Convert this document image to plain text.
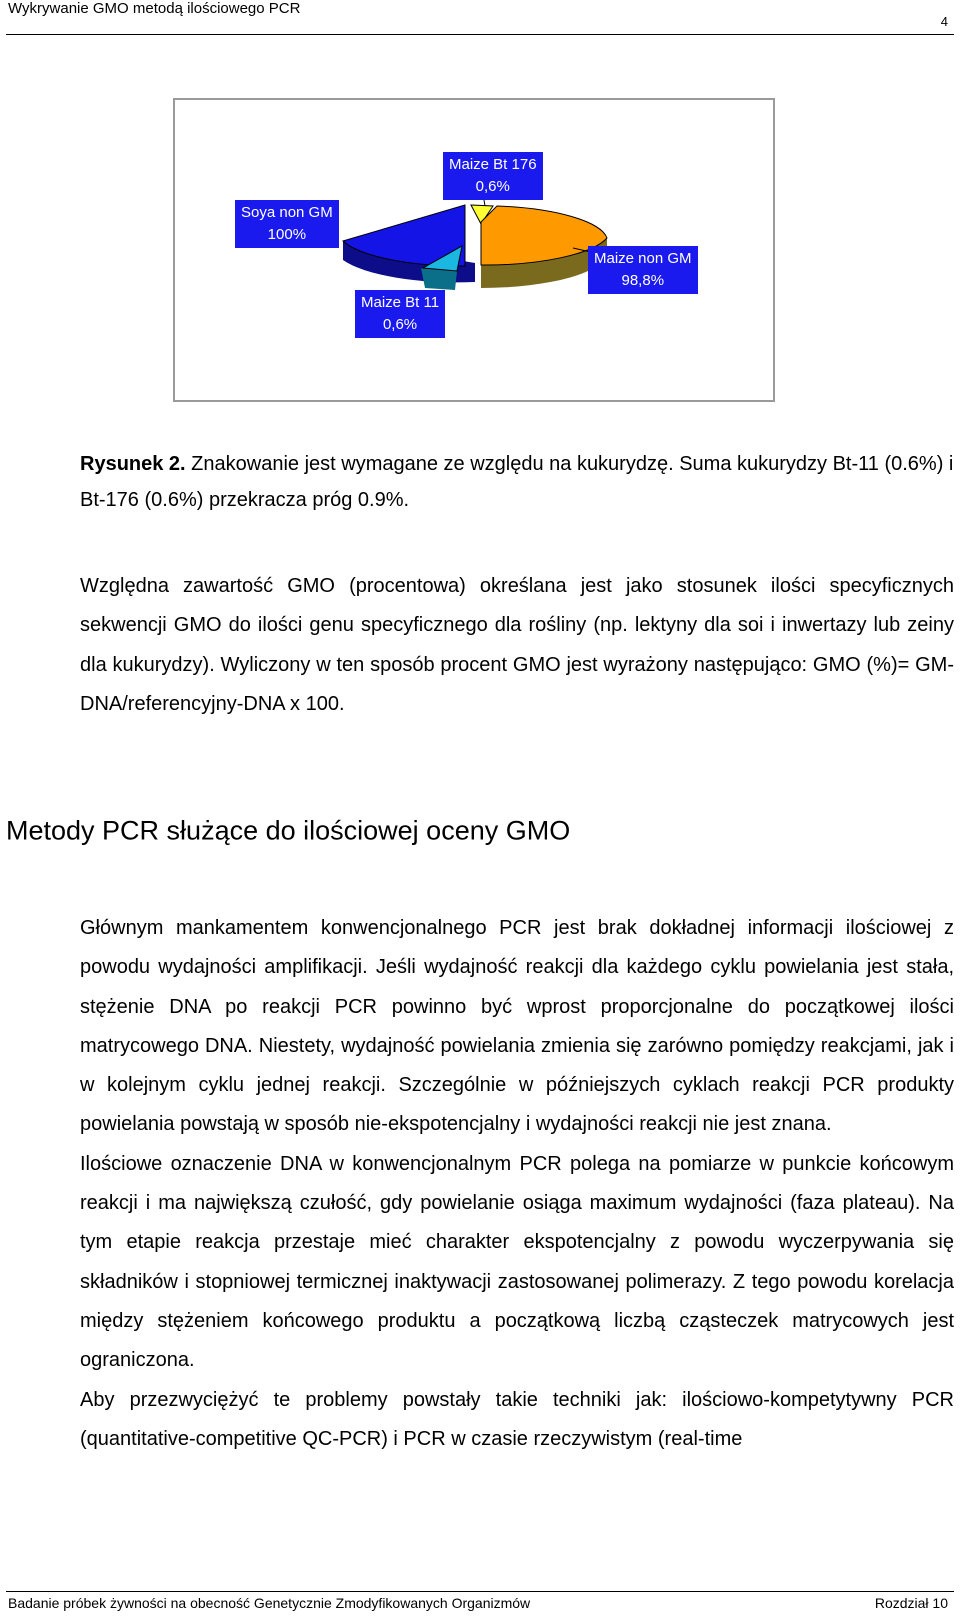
Wykrywanie GMO metodą ilościowego PCR
4
Soya non GM
100%
Maize Bt 11
0,6%
Maize Bt 176
0,6%
Maize non GM
98,8%

Rysunek 2. Znakowanie jest wymagane ze względu na kukurydzę. Suma kukurydzy Bt-11 (0.6%) i Bt-176 (0.6%) przekracza próg 0.9%.

Względna zawartość GMO (procentowa) określana jest jako stosunek ilości specyficznych sekwencji GMO do ilości genu specyficznego dla rośliny (np. lektyny dla soi i inwertazy lub zeiny dla kukurydzy). Wyliczony w ten sposób procent GMO jest wyrażony następująco: GMO (%)= GM-DNA/referencyjny-DNA x 100.

Metody PCR służące do ilościowej oceny GMO

Głównym mankamentem konwencjonalnego PCR jest brak dokładnej informacji ilościowej z powodu wydajności amplifikacji. Jeśli wydajność reakcji dla każdego cyklu powielania jest stała, stężenie DNA po reakcji PCR powinno być wprost proporcjonalne do początkowej ilości matrycowego DNA. Niestety, wydajność powielania zmienia się zarówno pomiędzy reakcjami, jak i w kolejnym cyklu jednej reakcji. Szczególnie w późniejszych cyklach reakcji PCR produkty powielania powstają w sposób nie-ekspotencjalny i wydajności reakcji nie jest znana.

Ilościowe oznaczenie DNA w konwencjonalnym PCR polega na pomiarze w punkcie końcowym reakcji i ma największą czułość, gdy powielanie osiąga maximum wydajności (faza plateau). Na tym etapie reakcja przestaje mieć charakter ekspotencjalny z powodu wyczerpywania się składników i stopniowej termicznej inaktywacji zastosowanej polimerazy. Z tego powodu korelacja między stężeniem końcowego produktu a początkową liczbą cząsteczek matrycowych jest ograniczona.

Aby przezwyciężyć te problemy powstały takie techniki jak: ilościowo-kompetytywny PCR (quantitative-competitive QC-PCR) i PCR w czasie rzeczywistym (real-time

Badanie próbek żywności na obecność Genetycznie Zmodyfikowanych Organizmów	Rozdział 10
